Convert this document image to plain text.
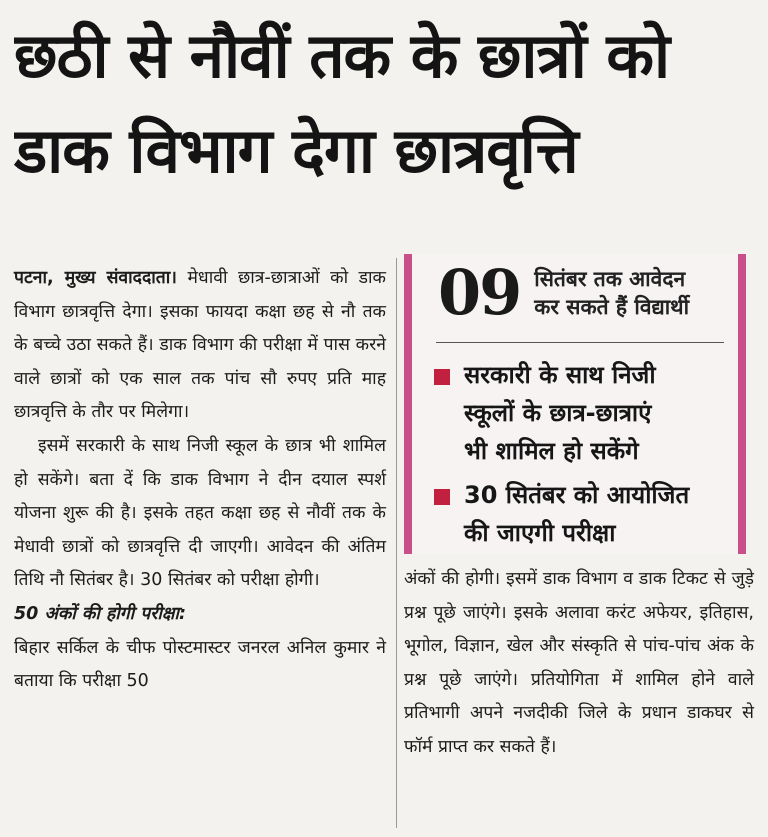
छठी से नौवीं तक के छात्रों को
डाक विभाग देगा छात्रवृत्ति

पटना, मुख्य संवाददाता। मेधावी छात्र-छात्राओं को डाक विभाग छात्रवृत्ति देगा। इसका फायदा कक्षा छह से नौ तक के बच्चे उठा सकते हैं। डाक विभाग की परीक्षा में पास करने वाले छात्रों को एक साल तक पांच सौ रुपए प्रति माह छात्रवृत्ति के तौर पर मिलेगा।

इसमें सरकारी के साथ निजी स्कूल के छात्र भी शामिल हो सकेंगे। बता दें कि डाक विभाग ने दीन दयाल स्पर्श योजना शुरू की है। इसके तहत कक्षा छह से नौवीं तक के मेधावी छात्रों को छात्रवृत्ति दी जाएगी। आवेदन की अंतिम तिथि नौ सितंबर है। 30 सितंबर को परीक्षा होगी।

50 अंकों की होगी परीक्षा:

बिहार सर्किल के चीफ पोस्टमास्टर जनरल अनिल कुमार ने बताया कि परीक्षा 50

09 सितंबर तक आवेदन
कर सकते हैं विद्यार्थी
सरकारी के साथ निजी
स्कूलों के छात्र-छात्राएं
भी शामिल हो सकेंगे
30 सितंबर को आयोजित
की जाएगी परीक्षा

अंकों की होगी। इसमें डाक विभाग व डाक टिकट से जुड़े प्रश्न पूछे जाएंगे। इसके अलावा करंट अफेयर, इतिहास, भूगोल, विज्ञान, खेल और संस्कृति से पांच-पांच अंक के प्रश्न पूछे जाएंगे। प्रतियोगिता में शामिल होने वाले प्रतिभागी अपने नजदीकी जिले के प्रधान डाकघर से फॉर्म प्राप्त कर सकते हैं।
